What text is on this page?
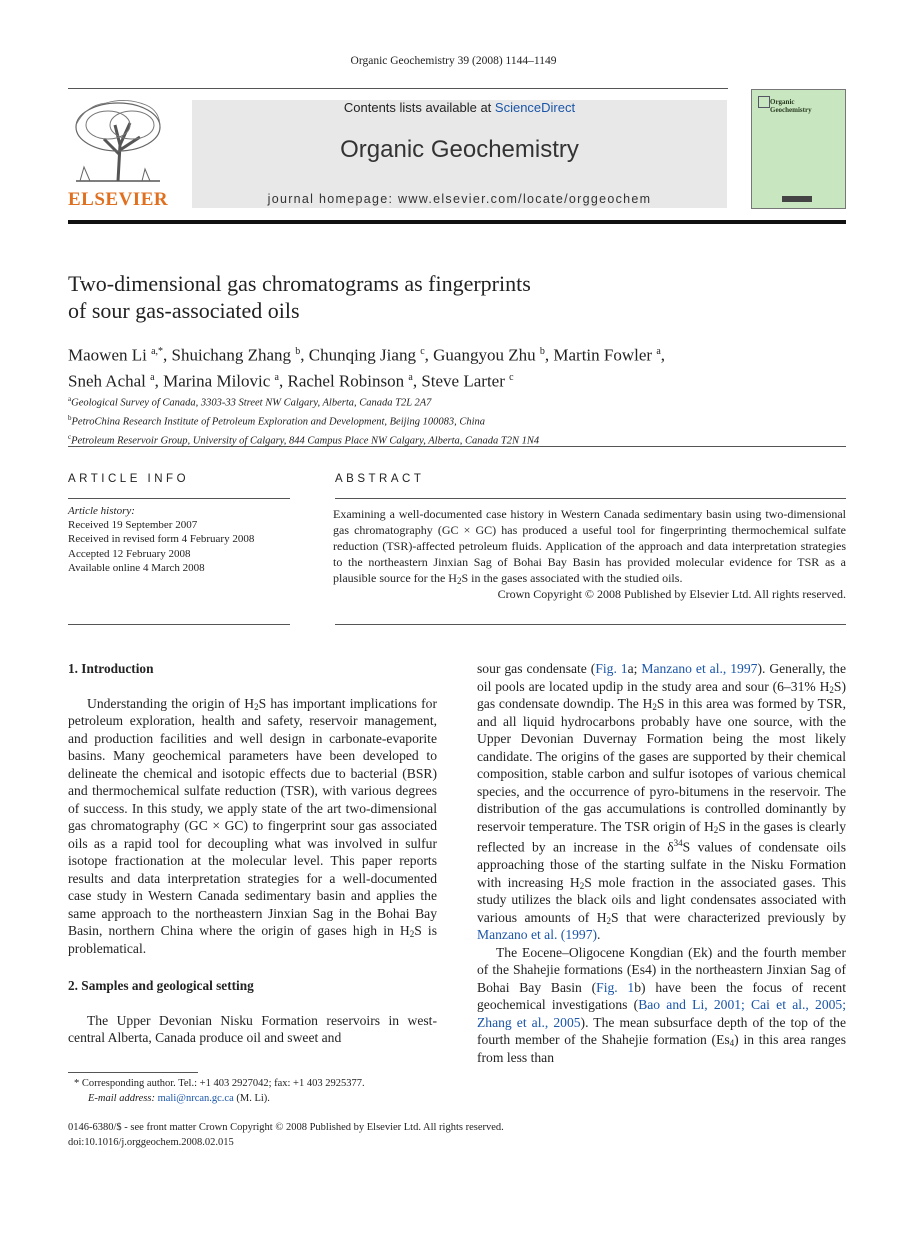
Organic Geochemistry 39 (2008) 1144–1149
ELSEVIER
Contents lists available at ScienceDirect
Organic Geochemistry
journal homepage: www.elsevier.com/locate/orggeochem
Organic
Geochemistry
Two-dimensional gas chromatograms as fingerprints
of sour gas-associated oils
Maowen Li $^{a,*}$, Shuichang Zhang $^b$, Chunqing Jiang $^c$, Guangyou Zhu $^b$, Martin Fowler $^a$,
Sneh Achal $^a$, Marina Milovic $^a$, Rachel Robinson $^a$, Steve Larter $^c$
$^a$Geological Survey of Canada, 3303-33 Street NW Calgary, Alberta, Canada T2L 2A7
$^b$PetroChina Research Institute of Petroleum Exploration and Development, Beijing 100083, China
$^c$Petroleum Reservoir Group, University of Calgary, 844 Campus Place NW Calgary, Alberta, Canada T2N 1N4
ARTICLE INFO	ABSTRACT
Article history:
Received 19 September 2007
Received in revised form 4 February 2008
Accepted 12 February 2008
Available online 4 March 2008
Examining a well-documented case history in Western Canada sedimentary basin using two-dimensional gas chromatography (GC × GC) has produced a useful tool for fingerprinting thermochemical sulfate reduction (TSR)-affected petroleum fluids. Application of the approach and data interpretation strategies to the northeastern Jinxian Sag of Bohai Bay Basin has provided molecular evidence for TSR as a plausible source for the $H_2S$ in the gases associated with the studied oils.
Crown Copyright © 2008 Published by Elsevier Ltd. All rights reserved.
1. Introduction

Understanding the origin of $H_2S$ has important implications for petroleum exploration, health and safety, reservoir management, and production facilities and well design in carbonate-evaporite basins. Many geochemical parameters have been developed to delineate the chemical and isotopic effects due to bacterial (BSR) and thermochemical sulfate reduction (TSR), with various degrees of success. In this study, we apply state of the art two-dimensional gas chromatography (GC × GC) to fingerprint sour gas associated oils as a rapid tool for decoupling what was involved in sulfur isotope fractionation at the molecular level. This paper reports results and data interpretation strategies for a well-documented case study in Western Canada sedimentary basin and applies the same approach to the northeastern Jinxian Sag in the Bohai Bay Basin, northern China where the origin of gases high in $H_2S$ is problematical.

2. Samples and geological setting

The Upper Devonian Nisku Formation reservoirs in west-central Alberta, Canada produce oil and sweet and

sour gas condensate (Fig. 1a; Manzano et al., 1997). Generally, the oil pools are located updip in the study area and sour (6–31% $H_2S$) gas condensate downdip. The $H_2S$ in this area was formed by TSR, and all liquid hydrocarbons probably have one source, with the Upper Devonian Duvernay Formation being the most likely candidate. The origins of the gases are supported by their chemical composition, stable carbon and sulfur isotopes of various chemical species, and the occurrence of pyro-bitumens in the reservoir. The distribution of the gas accumulations is controlled dominantly by reservoir temperature. The TSR origin of $H_2S$ in the gases is clearly reflected by an increase in the $\delta^{34}S$ values of condensate oils approaching those of the starting sulfate in the Nisku Formation with increasing $H_2S$ mole fraction in the associated gases. This study utilizes the black oils and light condensates associated with various amounts of $H_2S$ that were characterized previously by Manzano et al. (1997).

The Eocene–Oligocene Kongdian (Ek) and the fourth member of the Shahejie formations (Es4) in the northeastern Jinxian Sag of Bohai Bay Basin (Fig. 1b) have been the focus of recent geochemical investigations (Bao and Li, 2001; Cai et al., 2005; Zhang et al., 2005). The mean subsurface depth of the top of the fourth member of the Shahejie formation $(Es_4)$ in this area ranges from less than

* Corresponding author. Tel.: +1 403 2927042; fax: +1 403 2925377.
E-mail address: mali@nrcan.gc.ca (M. Li).
0146-6380/$ - see front matter Crown Copyright © 2008 Published by Elsevier Ltd. All rights reserved.
doi:10.1016/j.orggeochem.2008.02.015
